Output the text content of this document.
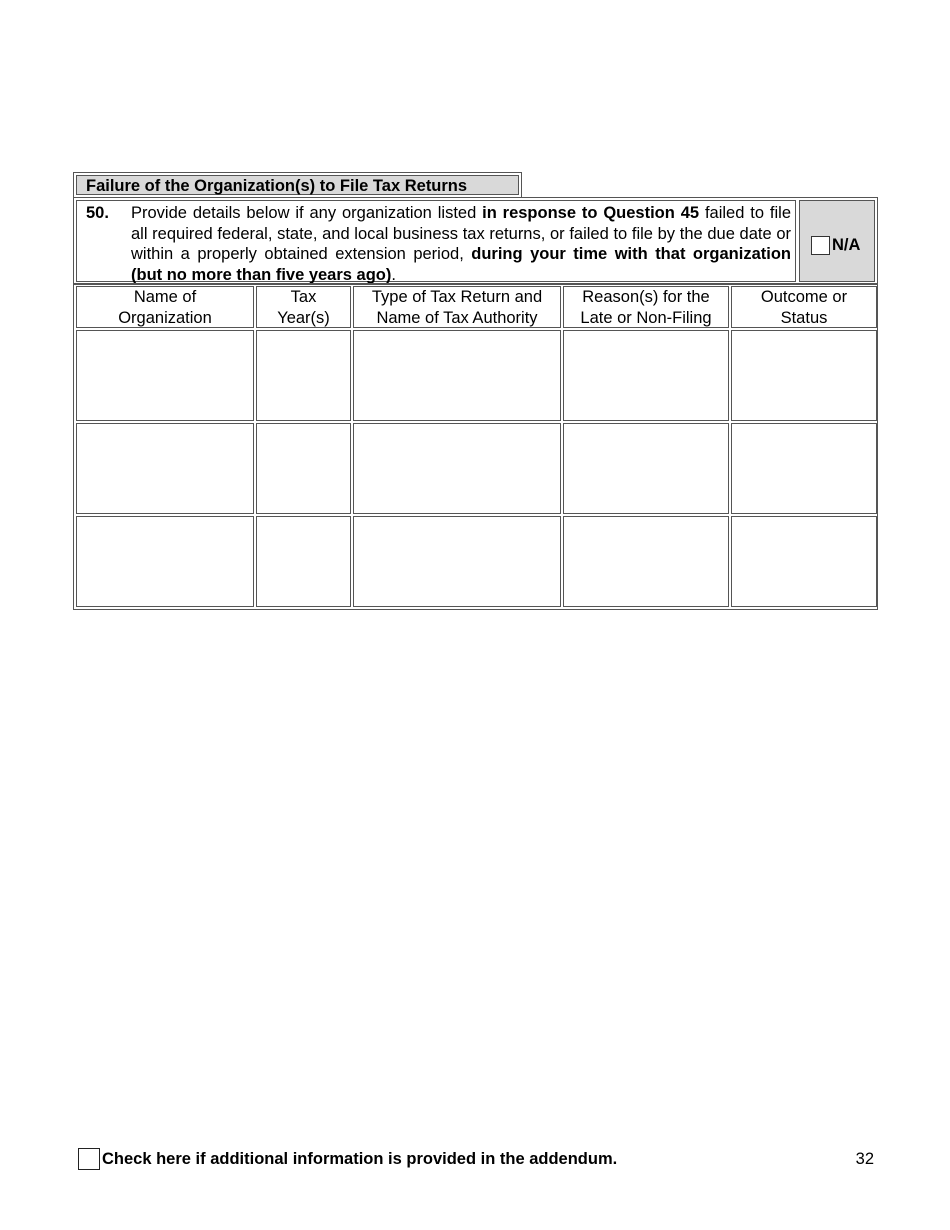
Failure of the Organization(s) to File Tax Returns
50. Provide details below if any organization listed in response to Question 45 failed to file all required federal, state, and local business tax returns, or failed to file by the due date or within a properly obtained extension period, during your time with that organization (but no more than five years ago).
N/A
Name of
Organization
Tax
Year(s)
Type of Tax Return and
Name of Tax Authority
Reason(s) for the
Late or Non-Filing
Outcome or
Status
Check here if additional information is provided in the addendum.	32
